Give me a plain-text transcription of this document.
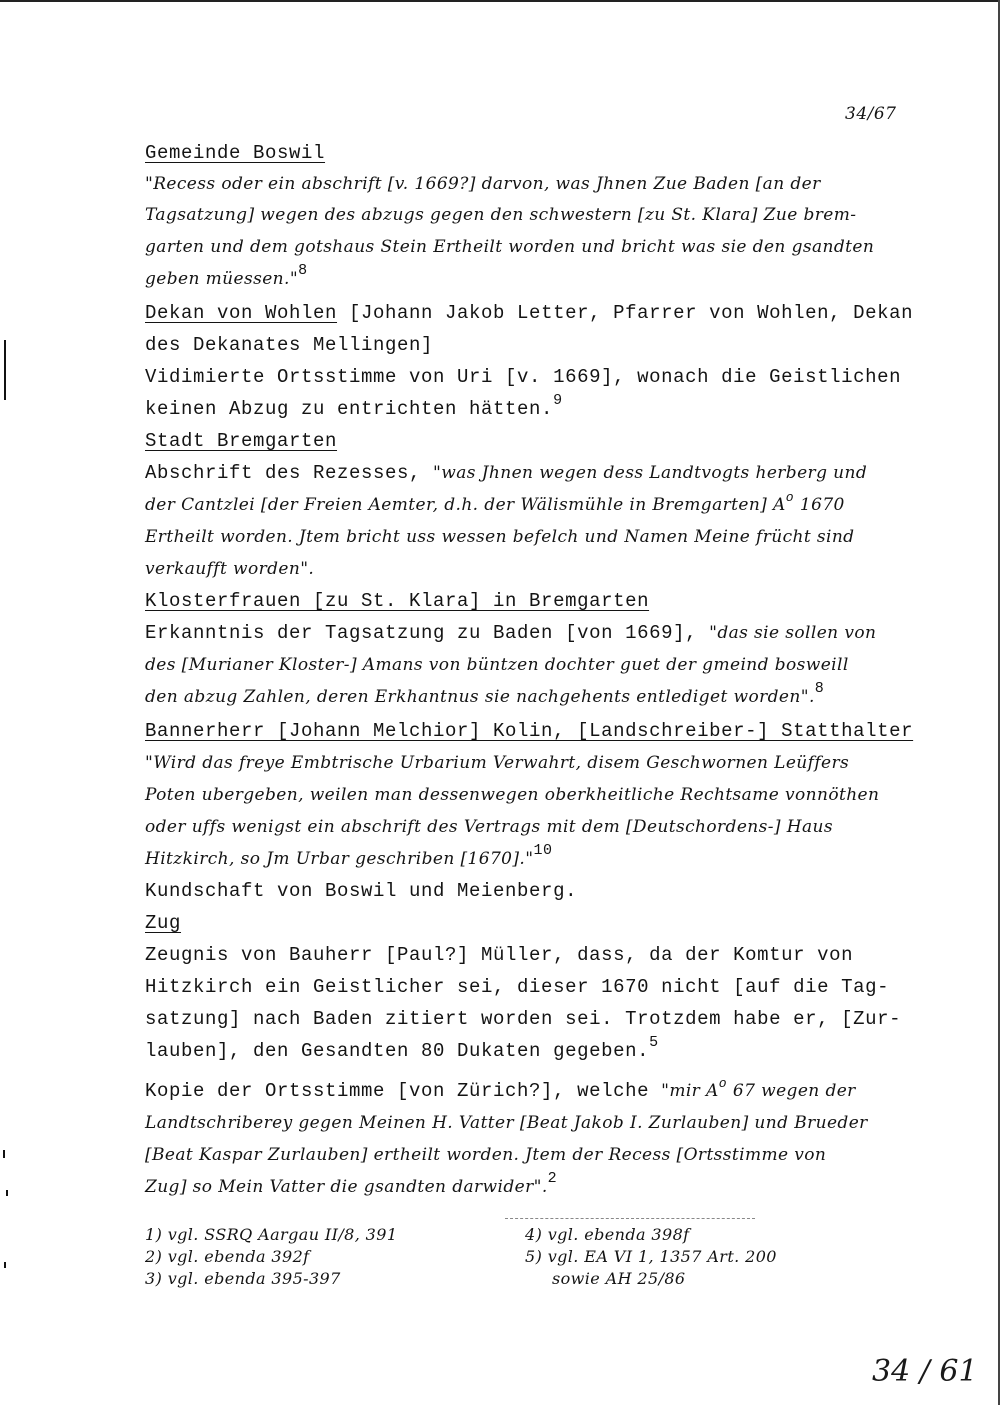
34/67
Gemeinde Boswil
"Recess oder ein abschrift [v. 1669?] darvon, was Jhnen Zue Baden [an der
Tagsatzung] wegen des abzugs gegen den schwestern [zu St. Klara] Zue brem-
garten und dem gotshaus Stein Ertheilt worden und bricht was sie den gsandten
geben müessen."$^8$
Dekan von Wohlen [Johann Jakob Letter, Pfarrer von Wohlen, Dekan
des Dekanates Mellingen]
Vidimierte Ortsstimme von Uri [v. 1669], wonach die Geistlichen
keinen Abzug zu entrichten hätten.$^9$
Stadt Bremgarten
Abschrift des Rezesses, "was Jhnen wegen dess Landtvogts herberg und
der Cantzlei [der Freien Aemter, d.h. der Wälismühle in Bremgarten] $A^o$ 1670
Ertheilt worden. Jtem bricht uss wessen befelch und Namen Meine frücht sind
verkaufft worden".
Klosterfrauen [zu St. Klara] in Bremgarten
Erkanntnis der Tagsatzung zu Baden [von 1669], "das sie sollen von
des [Murianer Kloster-] Amans von büntzen dochter guet der gmeind bosweill
den abzug Zahlen, deren Erkhantnus sie nachgehents entlediget worden".$^8$
Bannerherr [Johann Melchior] Kolin, [Landschreiber-] Statthalter
"Wird das freye Embtrische Urbarium Verwahrt, disem Geschwornen Leüffers
Poten ubergeben, weilen man dessenwegen oberkheitliche Rechtsame vonnöthen
oder uffs wenigst ein abschrift des Vertrags mit dem [Deutschordens-] Haus
Hitzkirch, so Jm Urbar geschriben [1670]."$^{10}$
Kundschaft von Boswil und Meienberg.
Zug
Zeugnis von Bauherr [Paul?] Müller, dass, da der Komtur von
Hitzkirch ein Geistlicher sei, dieser 1670 nicht [auf die Tag-
satzung] nach Baden zitiert worden sei. Trotzdem habe er, [Zur-
lauben], den Gesandten 80 Dukaten gegeben.$^5$
Kopie der Ortsstimme [von Zürich?], welche "mir $A^o$ 67 wegen der
Landtschriberey gegen Meinen H. Vatter [Beat Jakob I. Zurlauben] und Brueder
[Beat Kaspar Zurlauben] ertheilt worden. Jtem der Recess [Ortsstimme von
Zug] so Mein Vatter die gsandten darwider".$^2$
1) vgl. SSRQ Aargau II/8, 391
2) vgl. ebenda 392f
3) vgl. ebenda 395-397
4) vgl. ebenda 398f
5) vgl. EA VI 1, 1357 Art. 200
sowie AH 25/86
34 / 61
